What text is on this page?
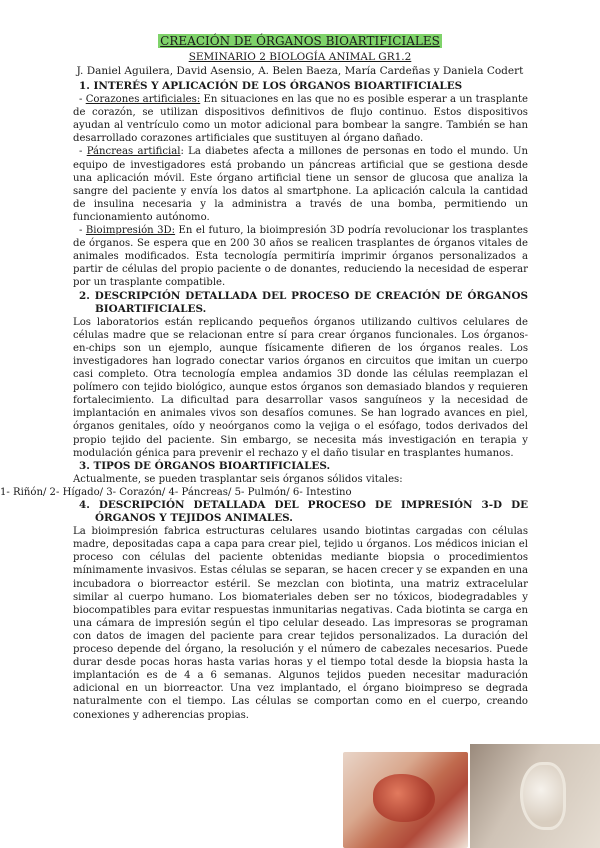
CREACIÓN DE ÓRGANOS BIOARTIFICIALES
SEMINARIO 2 BIOLOGÍA ANIMAL GR1.2
J. Daniel Aguilera, David Asensio, A. Belen Baeza, María Cardeñas y Daniela Codert

1. INTERÉS Y APLICACIÓN DE LOS ÓRGANOS BIOARTIFICIALES

- Corazones artificiales: En situaciones en las que no es posible esperar a un trasplante de corazón, se utilizan dispositivos definitivos de flujo continuo. Estos dispositivos ayudan al ventrículo como un motor adicional para bombear la sangre. También se han desarrollado corazones artificiales que sustituyen al órgano dañado.

- Páncreas artificial: La diabetes afecta a millones de personas en todo el mundo. Un equipo de investigadores está probando un páncreas artificial que se gestiona desde una aplicación móvil. Este órgano artificial tiene un sensor de glucosa que analiza la sangre del paciente y envía los datos al smartphone. La aplicación calcula la cantidad de insulina necesaria y la administra a través de una bomba, permitiendo un funcionamiento autónomo.

- Bioimpresión 3D: En el futuro, la bioimpresión 3D podría revolucionar los trasplantes de órganos. Se espera que en 200 30 años se realicen trasplantes de órganos vitales de animales modificados. Esta tecnología permitiría imprimir órganos personalizados a partir de células del propio paciente o de donantes, reduciendo la necesidad de esperar por un trasplante compatible.

2. DESCRIPCIÓN DETALLADA DEL PROCESO DE CREACIÓN DE ÓRGANOS BIOARTIFICIALES.

Los laboratorios están replicando pequeños órganos utilizando cultivos celulares de células madre que se relacionan entre sí para crear órganos funcionales. Los órganos-en-chips son un ejemplo, aunque físicamente difieren de los órganos reales. Los investigadores han logrado conectar varios órganos en circuitos que imitan un cuerpo casi completo. Otra tecnología emplea andamios 3D donde las células reemplazan el polímero con tejido biológico, aunque estos órganos son demasiado blandos y requieren fortalecimiento. La dificultad para desarrollar vasos sanguíneos y la necesidad de implantación en animales vivos son desafíos comunes. Se han logrado avances en piel, órganos genitales, oído y neoórganos como la vejiga o el esófago, todos derivados del propio tejido del paciente. Sin embargo, se necesita más investigación en terapia y modulación génica para prevenir el rechazo y el daño tisular en trasplantes humanos.

3. TIPOS DE ÓRGANOS BIOARTIFICIALES.

Actualmente, se pueden trasplantar seis órganos sólidos vitales:

1- Riñón/ 2- Hígado/ 3- Corazón/ 4- Páncreas/ 5- Pulmón/ 6- Intestino

4. DESCRIPCIÓN DETALLADA DEL PROCESO DE IMPRESIÓN 3-D DE ÓRGANOS Y TEJIDOS ANIMALES.

La bioimpresión fabrica estructuras celulares usando biotintas cargadas con células madre, depositadas capa a capa para crear piel, tejido u órganos. Los médicos inician el proceso con células del paciente obtenidas mediante biopsia o procedimientos mínimamente invasivos. Estas células se separan, se hacen crecer y se expanden en una incubadora o biorreactor estéril. Se mezclan con biotinta, una matriz extracelular similar al cuerpo humano. Los biomateriales deben ser no tóxicos, biodegradables y biocompatibles para evitar respuestas inmunitarias negativas. Cada biotinta se carga en una cámara de impresión según el tipo celular deseado. Las impresoras se programan con datos de imagen del paciente para crear tejidos personalizados. La duración del proceso depende del órgano, la resolución y el número de cabezales necesarios. Puede durar desde pocas horas hasta varias horas y el tiempo total desde la biopsia hasta la implantación es de 4 a 6 semanas. Algunos tejidos pueden necesitar maduración adicional en un biorreactor. Una vez implantado, el órgano bioimpreso se degrada naturalmente con el tiempo. Las células se comportan como en el cuerpo, creando conexiones y adherencias propias.
